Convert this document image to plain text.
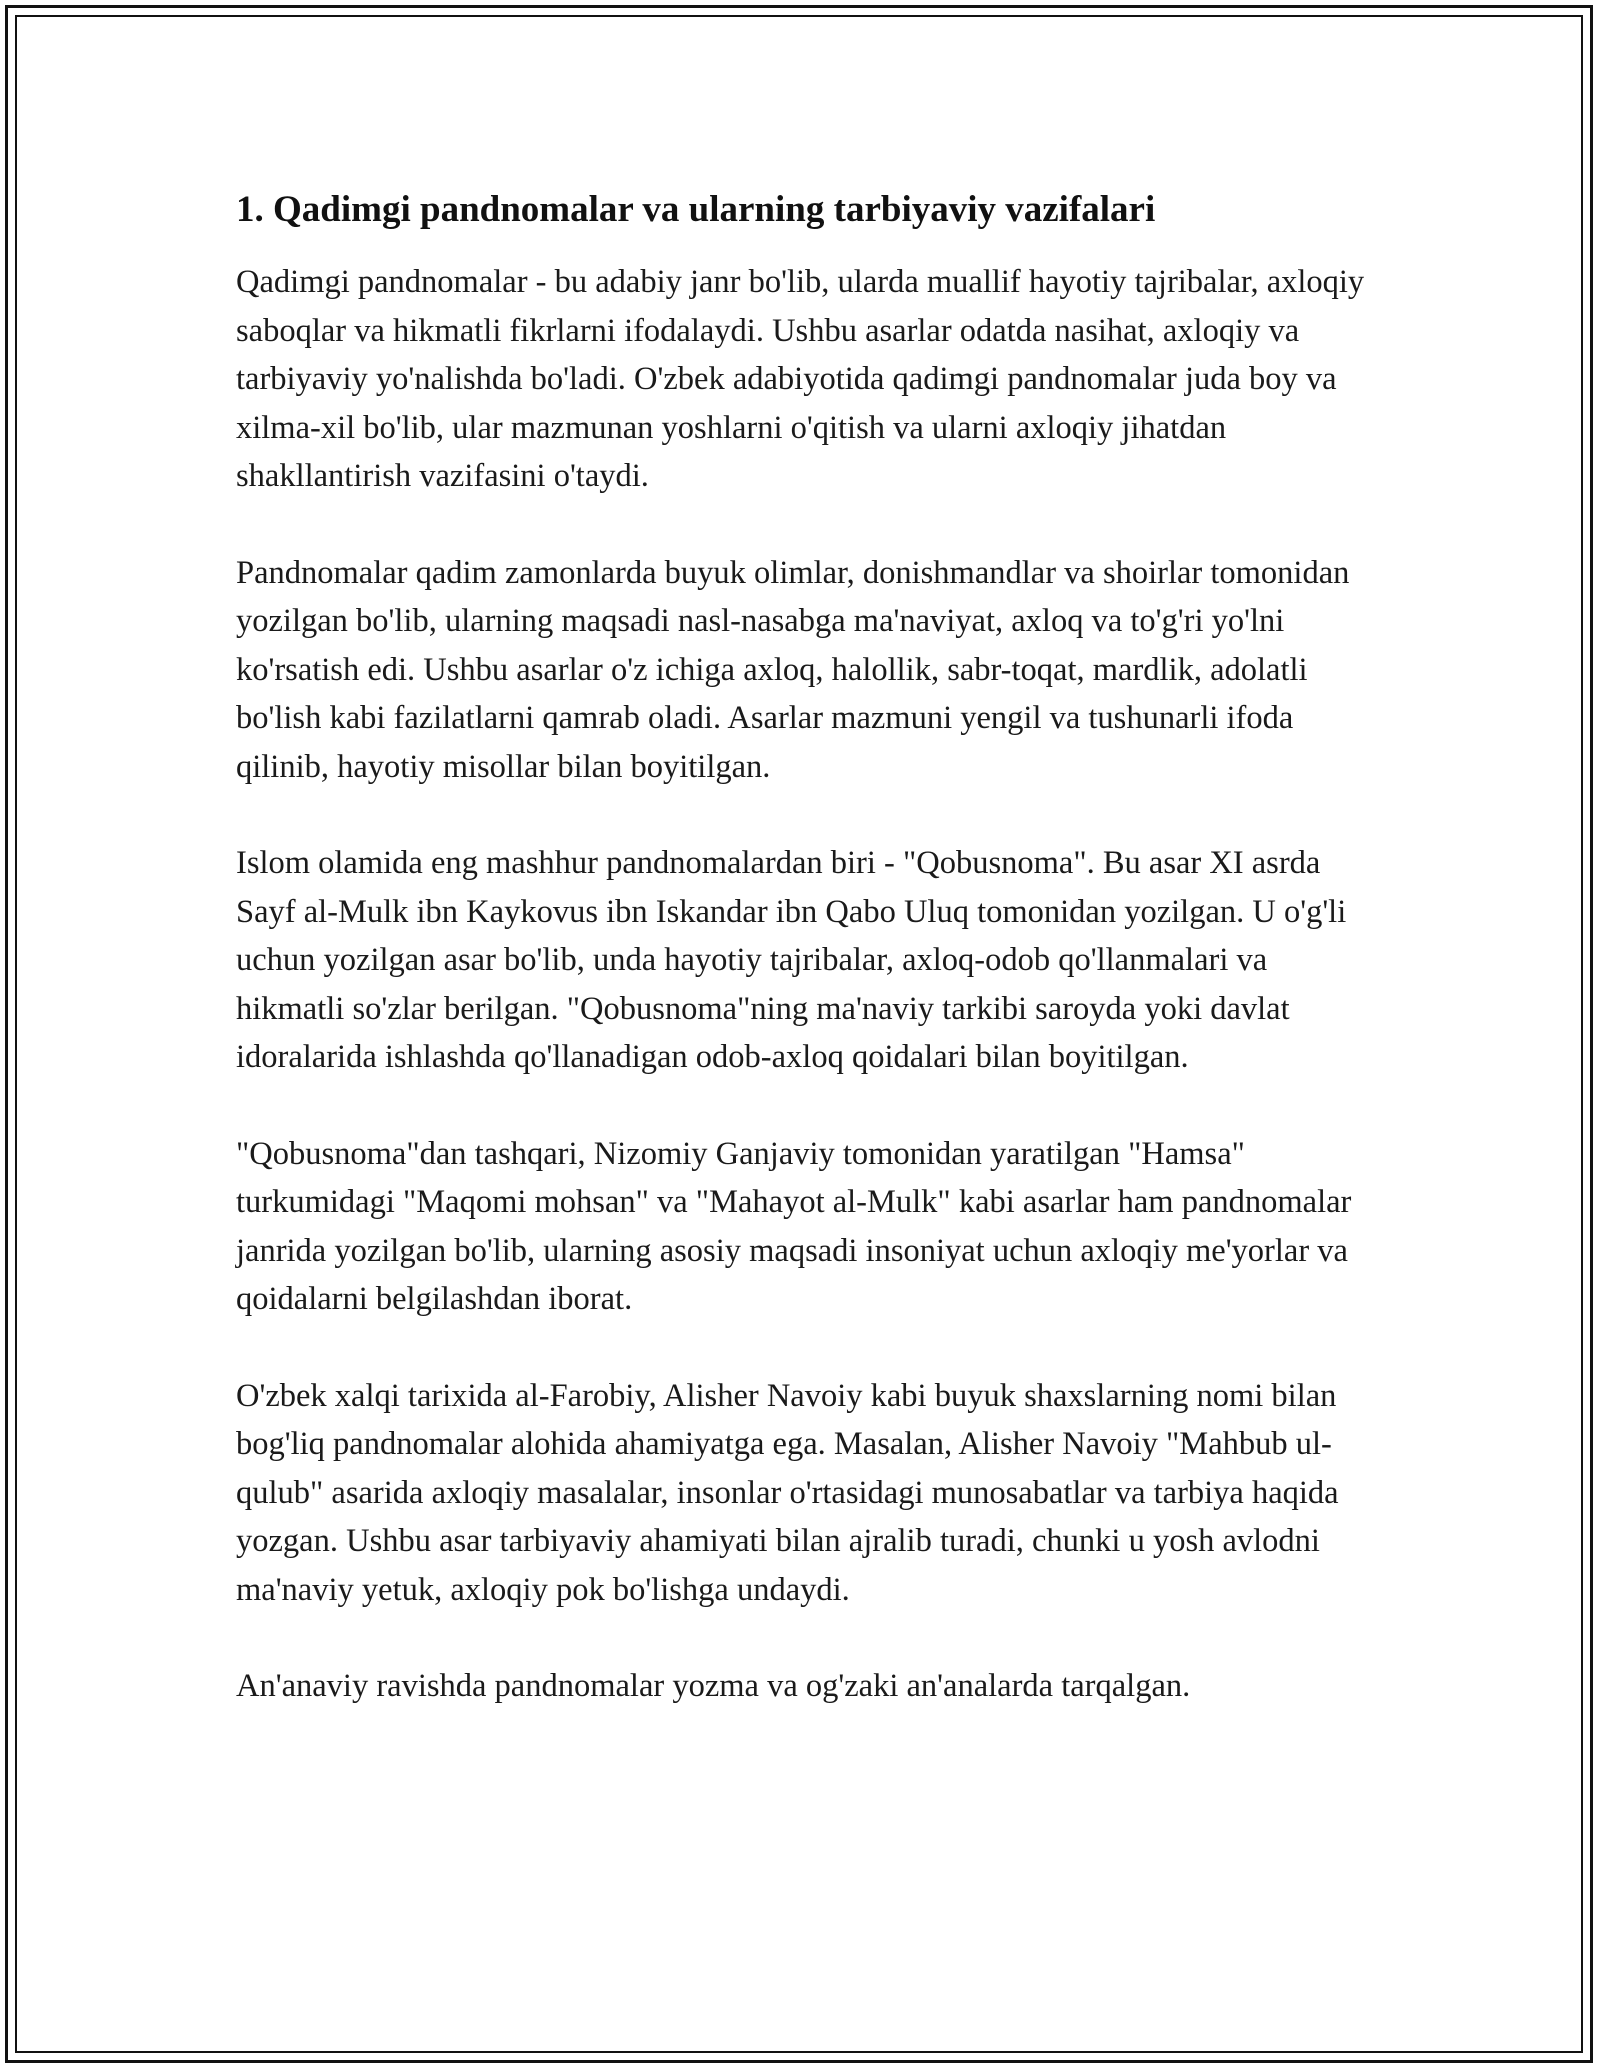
1. Qadimgi pandnomalar va ularning tarbiyaviy vazifalari

Qadimgi pandnomalar - bu adabiy janr bo'lib, ularda muallif hayotiy tajribalar, axloqiy saboqlar va hikmatli fikrlarni ifodalaydi. Ushbu asarlar odatda nasihat, axloqiy va tarbiyaviy yo'nalishda bo'ladi. O'zbek adabiyotida qadimgi pandnomalar juda boy va xilma-xil bo'lib, ular mazmunan yoshlarni o'qitish va ularni axloqiy jihatdan shakllantirish vazifasini o'taydi.

Pandnomalar qadim zamonlarda buyuk olimlar, donishmandlar va shoirlar tomonidan yozilgan bo'lib, ularning maqsadi nasl-nasabga ma'naviyat, axloq va to'g'ri yo'lni ko'rsatish edi. Ushbu asarlar o'z ichiga axloq, halollik, sabr-toqat, mardlik, adolatli bo'lish kabi fazilatlarni qamrab oladi. Asarlar mazmuni yengil va tushunarli ifoda qilinib, hayotiy misollar bilan boyitilgan.

Islom olamida eng mashhur pandnomalardan biri - "Qobusnoma". Bu asar XI asrda Sayf al-Mulk ibn Kaykovus ibn Iskandar ibn Qabo Uluq tomonidan yozilgan. U o'g'li uchun yozilgan asar bo'lib, unda hayotiy tajribalar, axloq-odob qo'llanmalari va hikmatli so'zlar berilgan. "Qobusnoma"ning ma'naviy tarkibi saroyda yoki davlat idoralarida ishlashda qo'llanadigan odob-axloq qoidalari bilan boyitilgan.

"Qobusnoma"dan tashqari, Nizomiy Ganjaviy tomonidan yaratilgan "Hamsa" turkumidagi "Maqomi mohsan" va "Mahayot al-Mulk" kabi asarlar ham pandnomalar janrida yozilgan bo'lib, ularning asosiy maqsadi insoniyat uchun axloqiy me'yorlar va qoidalarni belgilashdan iborat.

O'zbek xalqi tarixida al-Farobiy, Alisher Navoiy kabi buyuk shaxslarning nomi bilan bog'liq pandnomalar alohida ahamiyatga ega. Masalan, Alisher Navoiy "Mahbub ul-qulub" asarida axloqiy masalalar, insonlar o'rtasidagi munosabatlar va tarbiya haqida yozgan. Ushbu asar tarbiyaviy ahamiyati bilan ajralib turadi, chunki u yosh avlodni ma'naviy yetuk, axloqiy pok bo'lishga undaydi.

An'anaviy ravishda pandnomalar yozma va og'zaki an'analarda tarqalgan.
